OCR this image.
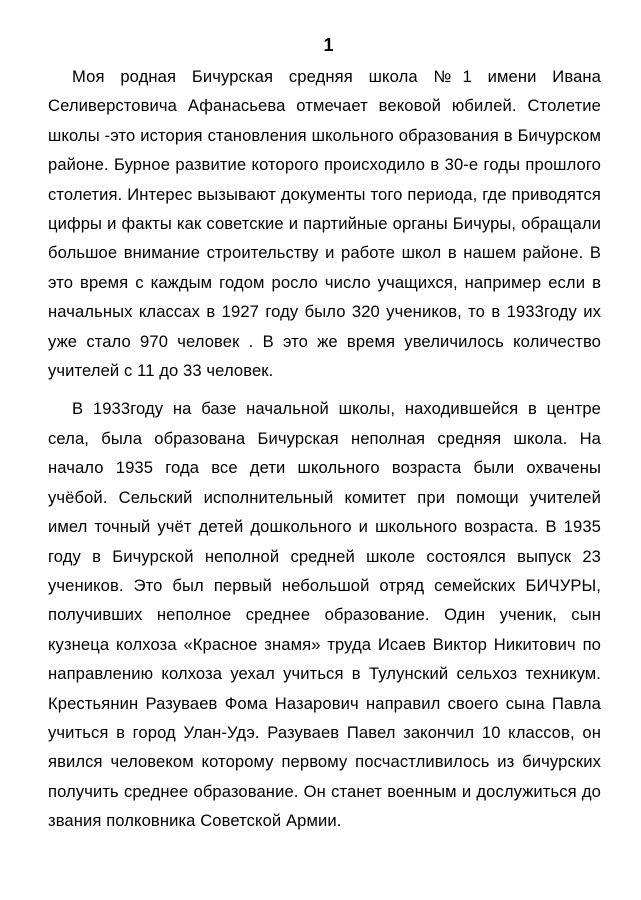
1

Моя родная Бичурская средняя школа №1 имени Ивана Селиверстовича Афанасьева отмечает вековой юбилей. Столетие школы -это история становления школьного образования в Бичурском районе. Бурное развитие которого происходило в 30-е годы прошлого столетия. Интерес вызывают документы того периода, где приводятся цифры и факты как советские и партийные органы Бичуры, обращали большое внимание строительству и работе школ в нашем районе. В это время с каждым годом росло число учащихся, например если в начальных классах в 1927 году было 320 учеников, то в 1933году их уже стало 970 человек . В это же время увеличилось количество учителей с 11 до 33 человек.

В 1933году на базе начальной школы, находившейся в центре села, была образована Бичурская неполная средняя школа. На начало 1935 года все дети школьного возраста были охвачены учёбой. Сельский исполнительный комитет при помощи учителей имел точный учёт детей дошкольного и школьного возраста. В 1935 году в Бичурской неполной средней школе состоялся выпуск 23 учеников. Это был первый небольшой отряд семейских БИЧУРЫ, получивших неполное среднее образование. Один ученик, сын кузнеца колхоза «Красное знамя» труда Исаев Виктор Никитович по направлению колхоза уехал учиться в Тулунский сельхоз техникум. Крестьянин Разуваев Фома Назарович направил своего сына Павла учиться в город Улан-Удэ. Разуваев Павел закончил 10 классов, он явился человеком которому первому посчастливилось из бичурских получить среднее образование. Он станет военным и дослужиться до звания полковника Советской Армии.
